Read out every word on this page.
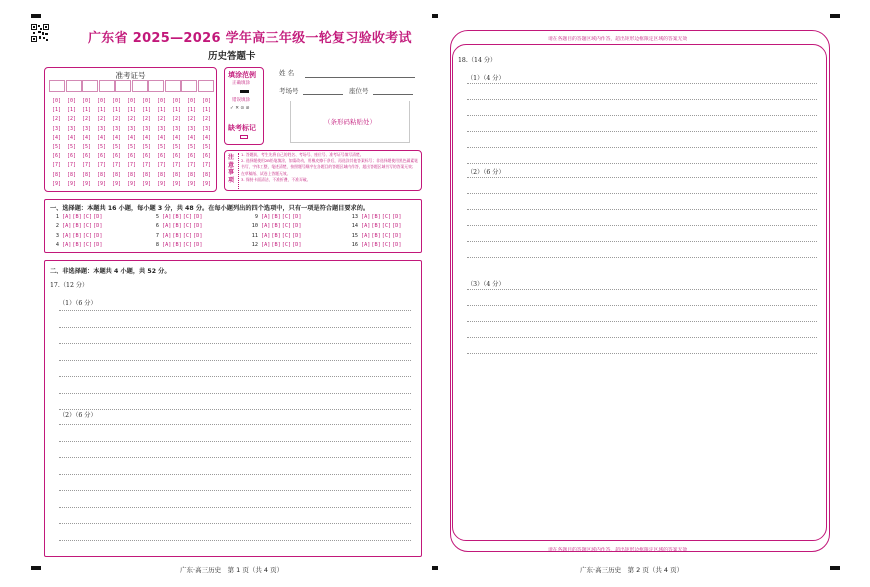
广东省 2025—2026 学年高三年级一轮复习验收考试
历史答题卡
准考证号
[0]
[1]
[2]
[3]
[4]
[5]
[6]
[7]
[8]
[9]
[0]
[1]
[2]
[3]
[4]
[5]
[6]
[7]
[8]
[9]
[0]
[1]
[2]
[3]
[4]
[5]
[6]
[7]
[8]
[9]
[0]
[1]
[2]
[3]
[4]
[5]
[6]
[7]
[8]
[9]
[0]
[1]
[2]
[3]
[4]
[5]
[6]
[7]
[8]
[9]
[0]
[1]
[2]
[3]
[4]
[5]
[6]
[7]
[8]
[9]
[0]
[1]
[2]
[3]
[4]
[5]
[6]
[7]
[8]
[9]
[0]
[1]
[2]
[3]
[4]
[5]
[6]
[7]
[8]
[9]
[0]
[1]
[2]
[3]
[4]
[5]
[6]
[7]
[8]
[9]
[0]
[1]
[2]
[3]
[4]
[5]
[6]
[7]
[8]
[9]
[0]
[1]
[2]
[3]
[4]
[5]
[6]
[7]
[8]
[9]
填涂范例
正确填涂
错误填涂
✓ ✕ ⊙ ⊘
缺考标记
姓 名
考场号	座位号
（条形码粘贴处）
注意事项
1. 答题前，考生先将自己的姓名、考场号、座位号、准考证号填写清楚。
2. 选择题使用2B铅笔填涂，如需改动，用橡皮擦干净后，再选涂其他答案标号；非选择题使用黑色碳素笔书写，字体工整，笔迹清楚，按照题号顺序在各题目的答题区域内作答，超出答题区域书写的答案无效；在草稿纸、试卷上答题无效。
3. 保持卡面清洁，不准折叠，不准弄破。
一、选择题：本题共 16 小题，每小题 3 分，共 48 分。在每小题列出的四个选项中，只有一项是符合题目要求的。
1 [A][B][C][D]
2 [A][B][C][D]
3 [A][B][C][D]
4 [A][B][C][D]
5 [A][B][C][D]
6 [A][B][C][D]
7 [A][B][C][D]
8 [A][B][C][D]
9 [A][B][C][D]
10 [A][B][C][D]
11 [A][B][C][D]
12 [A][B][C][D]
13 [A][B][C][D]
14 [A][B][C][D]
15 [A][B][C][D]
16 [A][B][C][D]
二、非选择题：本题共 4 小题，共 52 分。
17.（12 分）
（1）（6 分）
（2）（6 分）
广东·高三历史　第 1 页（共 4 页）
请在各题目的答题区域内作答，超出矩形边框限定区域的答案无效
18.（14 分）
（1）（4 分）
（2）（6 分）
（3）（4 分）
请在各题目的答题区域内作答，超出矩形边框限定区域的答案无效
广东·高三历史　第 2 页（共 4 页）
